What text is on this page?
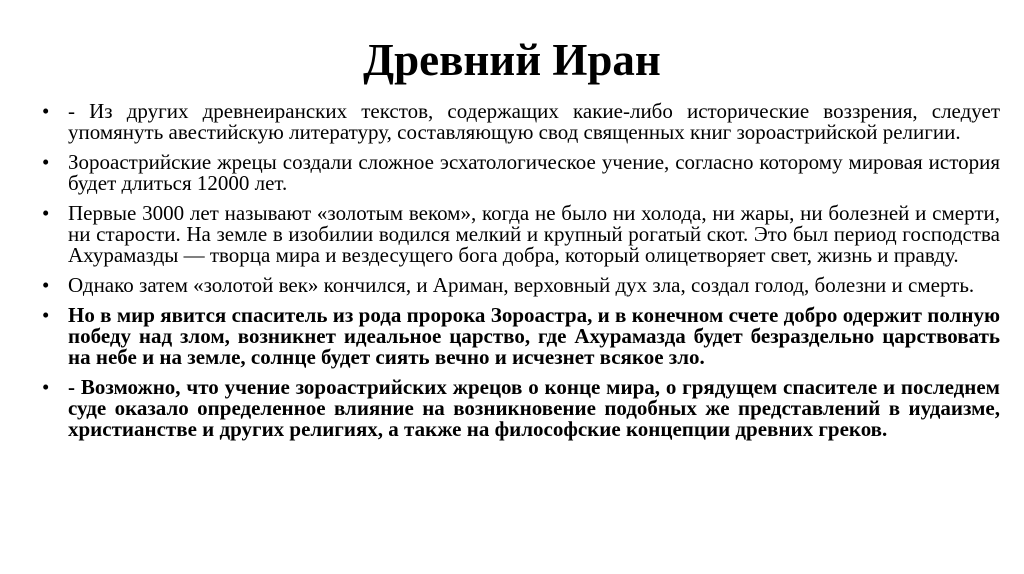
Древний Иран
• - Из других древнеиранских текстов, содержащих какие-либо исторические воззрения, следует упомянуть авестийскую литературу, составляющую свод священных книг зороастрийской религии.
• Зороастрийские жрецы создали сложное эсхатологическое учение, согласно которому мировая история будет длиться 12000 лет.
• Первые 3000 лет называют «золотым веком», когда не было ни холода, ни жары, ни болезней и смерти, ни старости. На земле в изобилии водился мелкий и крупный рогатый скот. Это был период господства Ахурамазды — творца мира и вездесущего бога добра, который олицетворяет свет, жизнь и правду.
• Однако затем «золотой век» кончился, и Ариман, верховный дух зла, создал голод, болезни и смерть.
• Но в мир явится спаситель из рода пророка Зороастра, и в конечном счете добро одержит полную победу над злом, возникнет идеальное царство, где Ахурамазда будет безраздельно царствовать на небе и на земле, солнце будет сиять вечно и исчезнет всякое зло.
• - Возможно, что учение зороастрийских жрецов о конце мира, о грядущем спасителе и последнем суде оказало определенное влияние на возникновение подобных же представлений в иудаизме, христианстве и других религиях, а также на философские концепции древних греков.
